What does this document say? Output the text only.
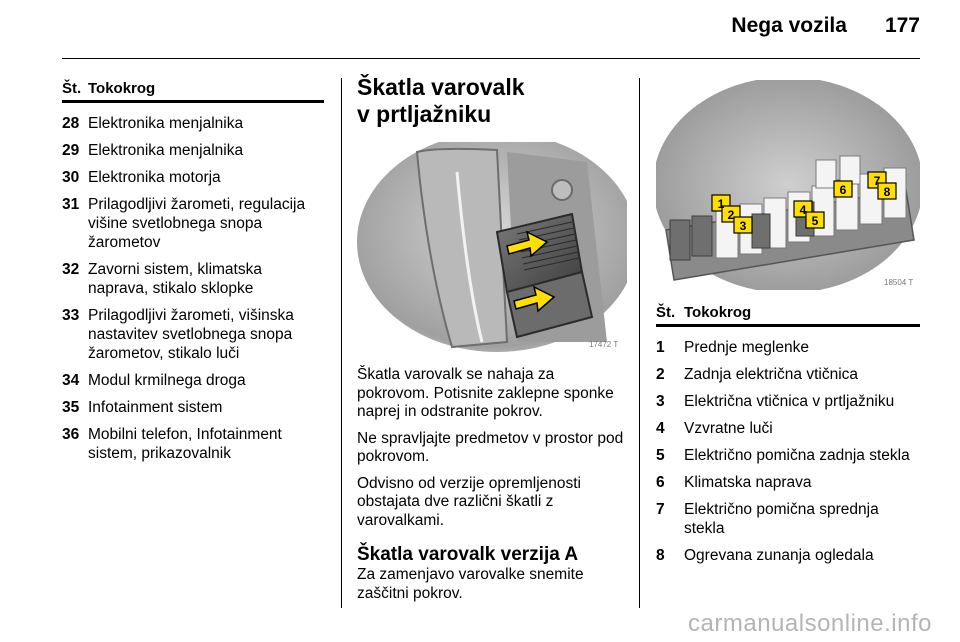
Nega vozila 177
Št. Tokokrog
28 Elektronika menjalnika
29 Elektronika menjalnika
30 Elektronika motorja
31 Prilagodljivi žarometi, regulacija višine svetlobnega snopa žarometov
32 Zavorni sistem, klimatska naprava, stikalo sklopke
33 Prilagodljivi žarometi, višinska nastavitev svetlobnega snopa žarometov, stikalo luči
34 Modul krmilnega droga
35 Infotainment sistem
36 Mobilni telefon, Infotainment sistem, prikazovalnik
Škatla varovalk
v prtljažniku
17472 T

Škatla varovalk se nahaja za pokrovom. Potisnite zaklepne sponke naprej in odstranite pokrov.

Ne spravljajte predmetov v prostor pod pokrovom.

Odvisno od verzije opremljenosti obstajata dve različni škatli z varovalkami.

Škatla varovalk verzija A

Za zamenjavo varovalke snemite zaščitni pokrov.

1
2
3
4
5
6
7
8
18504 T
Št. Tokokrog
1	Prednje meglenke
2	Zadnja električna vtičnica
3	Električna vtičnica v prtljažniku
4	Vzvratne luči
5	Električno pomična zadnja stekla
6	Klimatska naprava
7	Električno pomična sprednja stekla
8	Ogrevana zunanja ogledala
carmanualsonline.info
